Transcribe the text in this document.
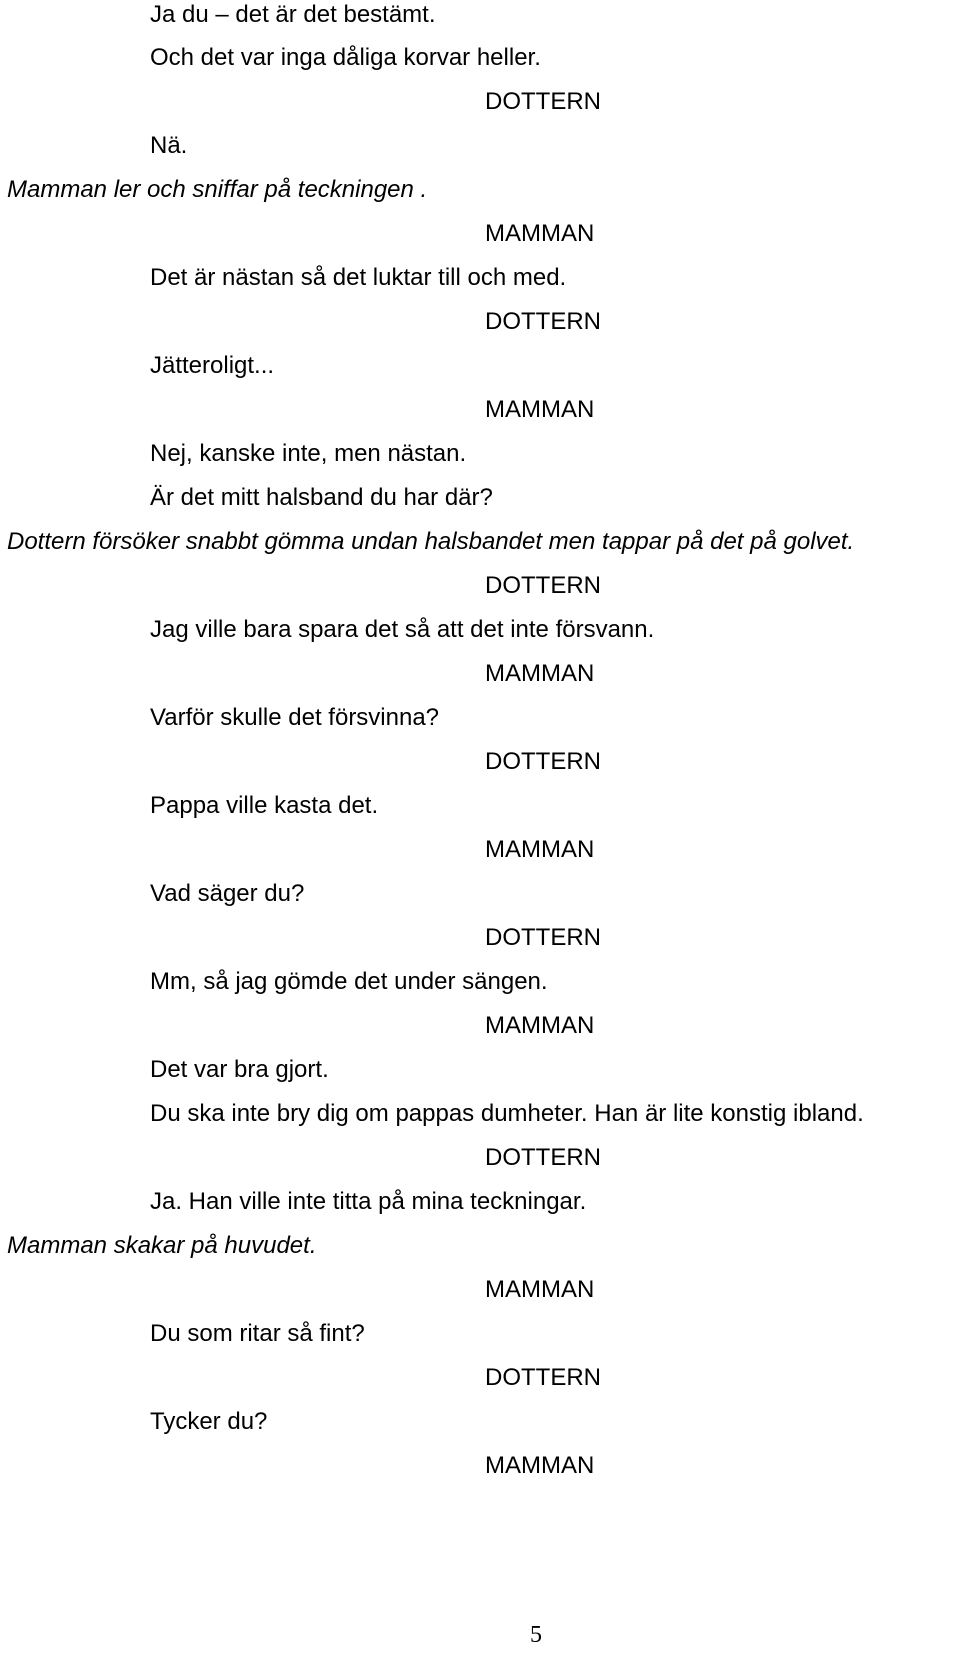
Ja du – det är det bestämt.
Och det var inga dåliga korvar heller.
DOTTERN
Nä.
Mamman ler och sniffar på teckningen .
MAMMAN
Det är nästan så det luktar till och med.
DOTTERN
Jätteroligt...
MAMMAN
Nej, kanske inte, men nästan.
Är det mitt halsband du har där?
Dottern försöker snabbt gömma undan halsbandet men tappar på det på golvet.
DOTTERN
Jag ville bara spara det så att det inte försvann.
MAMMAN
Varför skulle det försvinna?
DOTTERN
Pappa ville kasta det.
MAMMAN
Vad säger du?
DOTTERN
Mm, så jag gömde det under sängen.
MAMMAN
Det var bra gjort.
Du ska inte bry dig om pappas dumheter. Han är lite konstig ibland.
DOTTERN
Ja. Han ville inte titta på mina teckningar.
Mamman skakar på huvudet.
MAMMAN
Du som ritar så fint?
DOTTERN
Tycker du?
MAMMAN
5
